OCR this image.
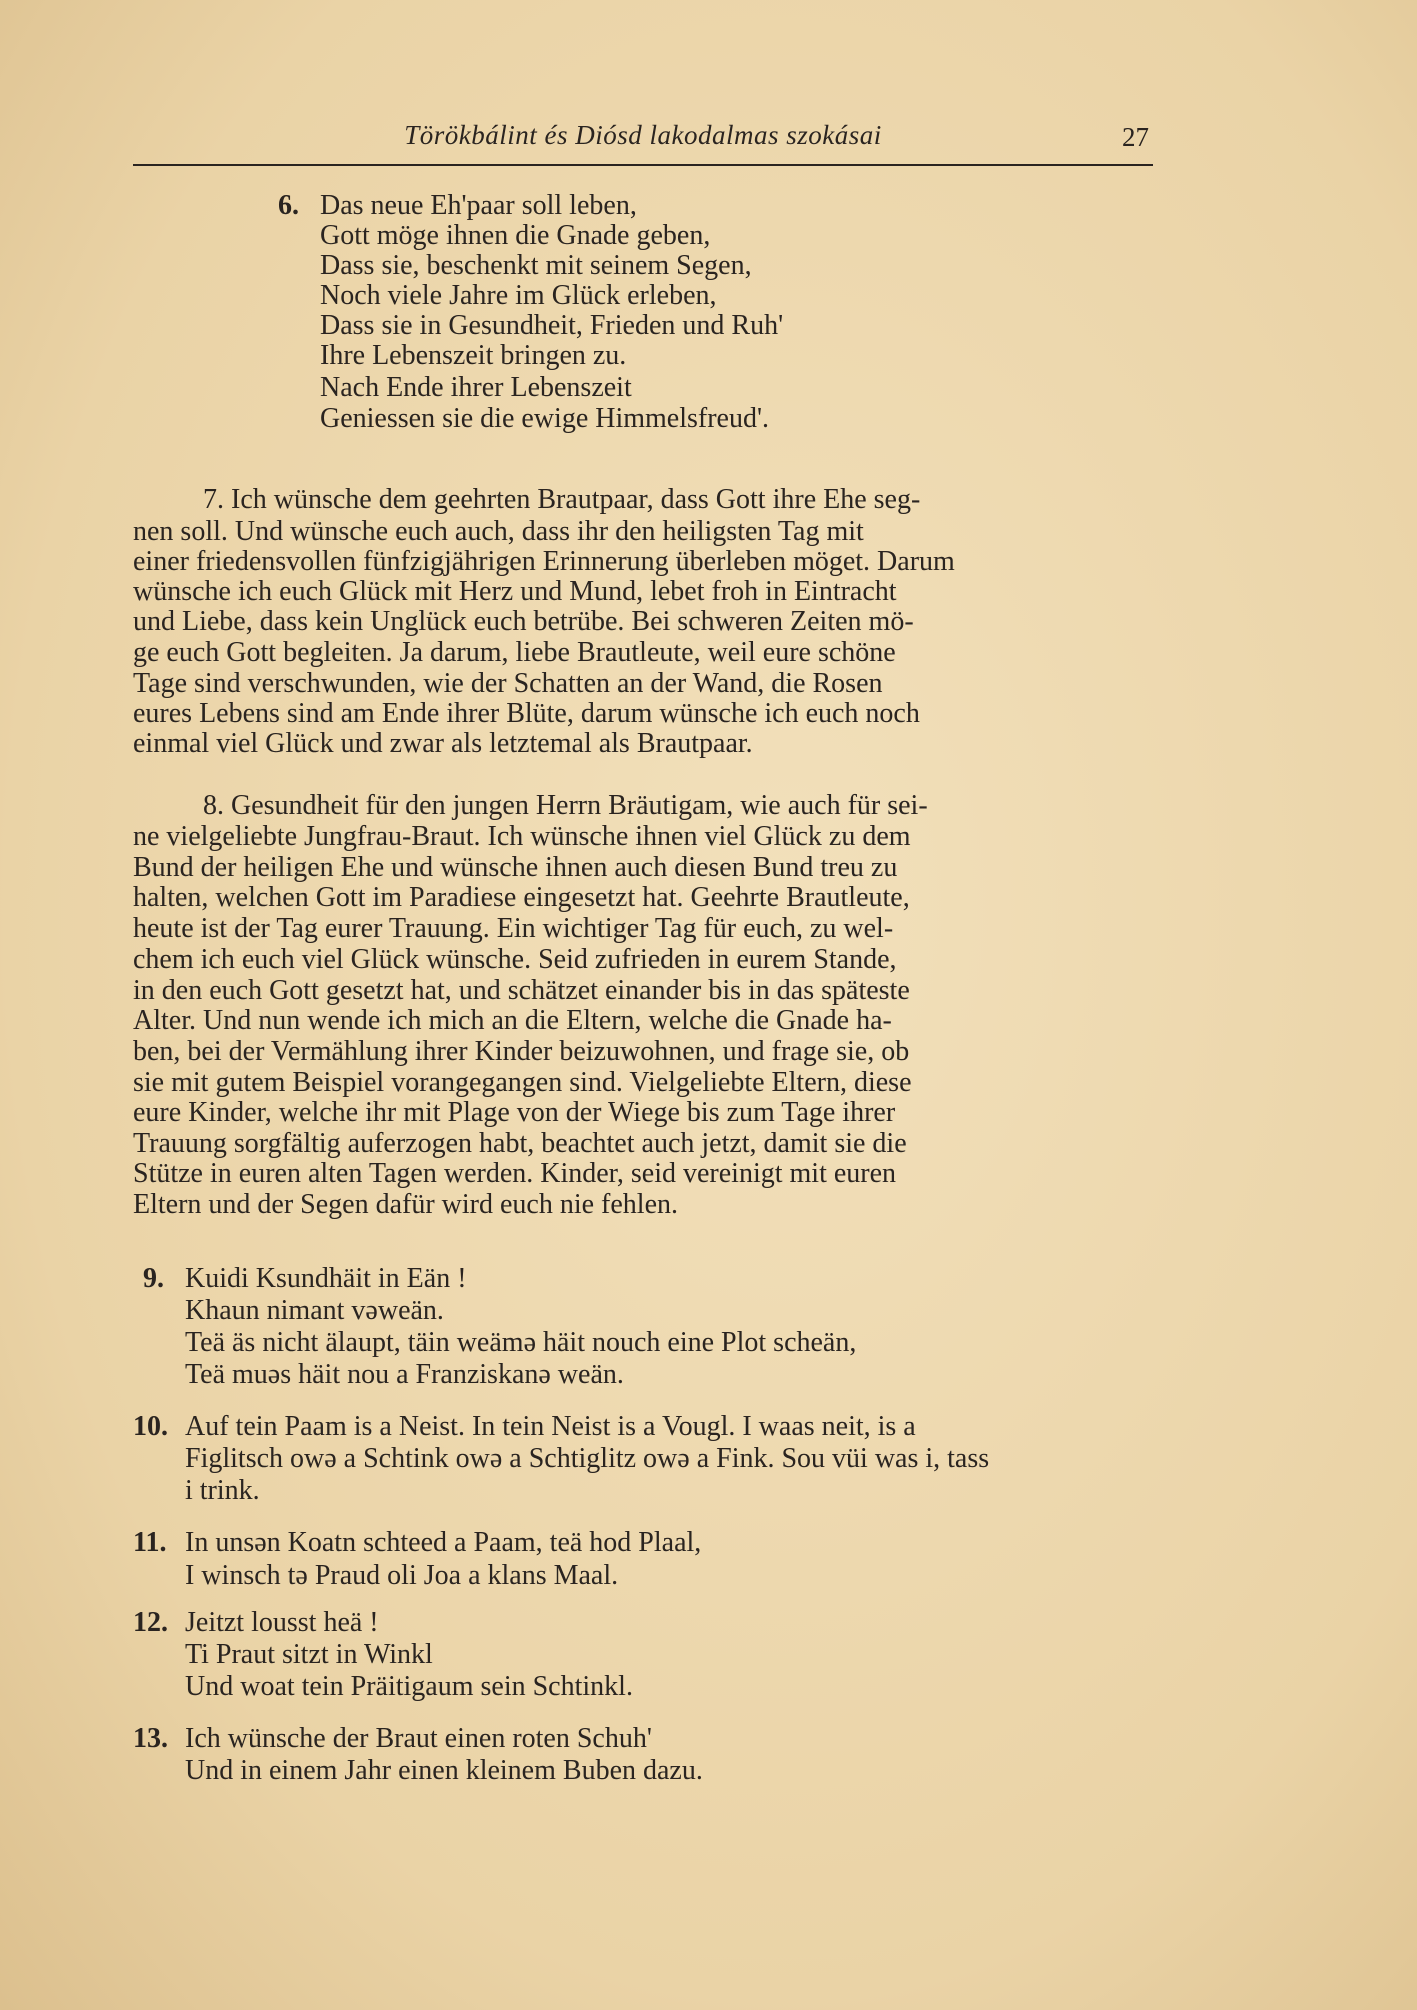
Törökbálint és Diósd lakodalmas szokásai	27
6. Das neue Eh'paar soll leben,
Gott möge ihnen die Gnade geben,
Dass sie, beschenkt mit seinem Segen,
Noch viele Jahre im Glück erleben,
Dass sie in Gesundheit, Frieden und Ruh'
Ihre Lebenszeit bringen zu.
Nach Ende ihrer Lebenszeit
Geniessen sie die ewige Himmelsfreud'.
7. Ich wünsche dem geehrten Brautpaar, dass Gott ihre Ehe seg-
nen soll. Und wünsche euch auch, dass ihr den heiligsten Tag mit
einer friedensvollen fünfzigjährigen Erinnerung überleben möget. Darum
wünsche ich euch Glück mit Herz und Mund, lebet froh in Eintracht
und Liebe, dass kein Unglück euch betrübe. Bei schweren Zeiten mö-
ge euch Gott begleiten. Ja darum, liebe Brautleute, weil eure schöne
Tage sind verschwunden, wie der Schatten an der Wand, die Rosen
eures Lebens sind am Ende ihrer Blüte, darum wünsche ich euch noch
einmal viel Glück und zwar als letztemal als Brautpaar.
8. Gesundheit für den jungen Herrn Bräutigam, wie auch für sei-
ne vielgeliebte Jungfrau-Braut. Ich wünsche ihnen viel Glück zu dem
Bund der heiligen Ehe und wünsche ihnen auch diesen Bund treu zu
halten, welchen Gott im Paradiese eingesetzt hat. Geehrte Brautleute,
heute ist der Tag eurer Trauung. Ein wichtiger Tag für euch, zu wel-
chem ich euch viel Glück wünsche. Seid zufrieden in eurem Stande,
in den euch Gott gesetzt hat, und schätzet einander bis in das späteste
Alter. Und nun wende ich mich an die Eltern, welche die Gnade ha-
ben, bei der Vermählung ihrer Kinder beizuwohnen, und frage sie, ob
sie mit gutem Beispiel vorangegangen sind. Vielgeliebte Eltern, diese
eure Kinder, welche ihr mit Plage von der Wiege bis zum Tage ihrer
Trauung sorgfältig auferzogen habt, beachtet auch jetzt, damit sie die
Stütze in euren alten Tagen werden. Kinder, seid vereinigt mit euren
Eltern und der Segen dafür wird euch nie fehlen.
9. Kuidi Ksundhäit in Eän !
Khaun nimant vəweän.
Teä äs nicht älaupt, täin weämə häit nouch eine Plot scheän,
Teä muəs häit nou a Franziskanə weän.
10. Auf tein Paam is a Neist. In tein Neist is a Vougl. I waas neit, is a
Figlitsch owə a Schtink owə a Schtiglitz owə a Fink. Sou vüi was i, tass
i trink.
11. In unsən Koatn schteed a Paam, teä hod Plaal,
I winsch tə Praud oli Joa a klans Maal.
12. Jeitzt lousst heä !
Ti Praut sitzt in Winkl
Und woat tein Präitigaum sein Schtinkl.
13. Ich wünsche der Braut einen roten Schuh'
Und in einem Jahr einen kleinem Buben dazu.
